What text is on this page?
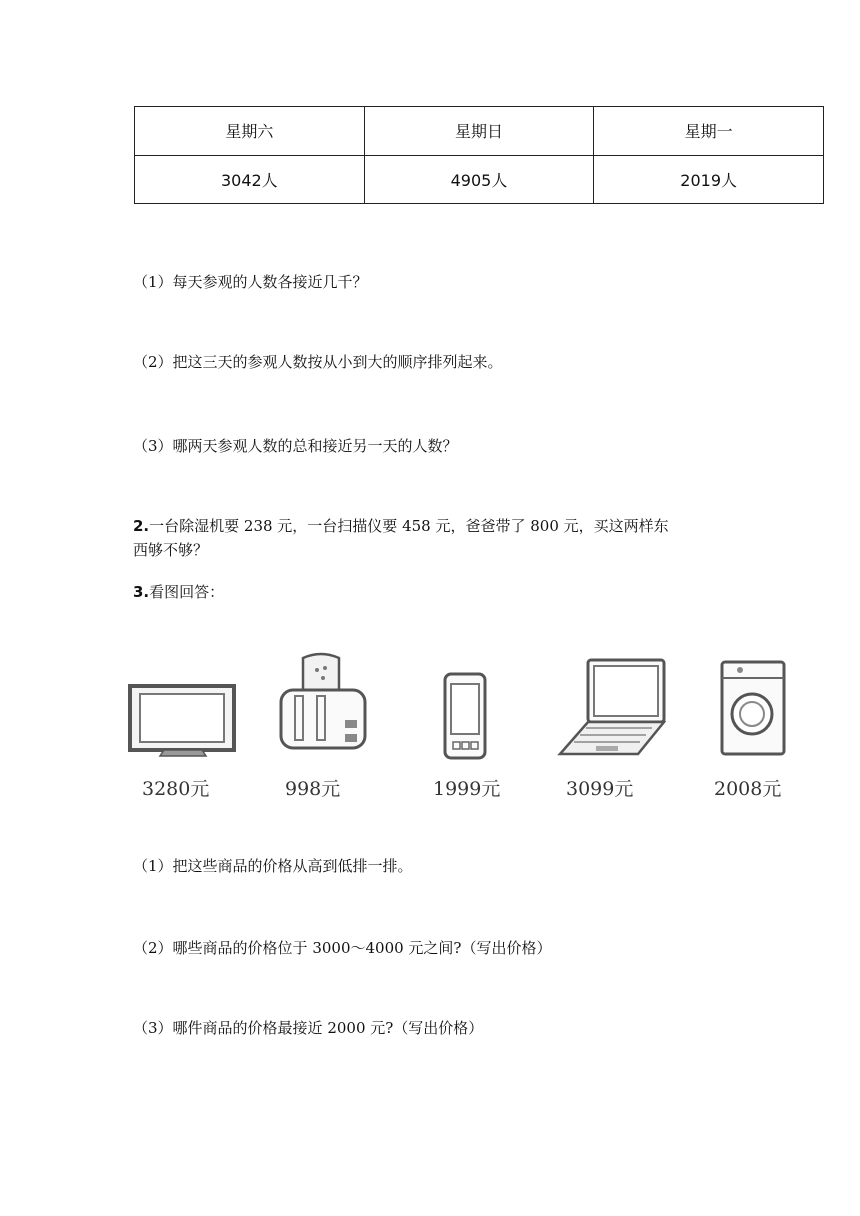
星期六	星期日	星期一
3042人	4905人	2019人
（1）每天参观的人数各接近几千？
（2）把这三天的参观人数按从小到大的顺序排列起来。
（3）哪两天参观人数的总和接近另一天的人数？
2.一台除湿机要 238 元，一台扫描仪要 458 元，爸爸带了 800 元，买这两样东
西够不够？
3.看图回答：
3280元	998元	1999元	3099元	2008元
（1）把这些商品的价格从高到低排一排。
（2）哪些商品的价格位于 3000～4000 元之间?（写出价格）
（3）哪件商品的价格最接近 2000 元?（写出价格）
